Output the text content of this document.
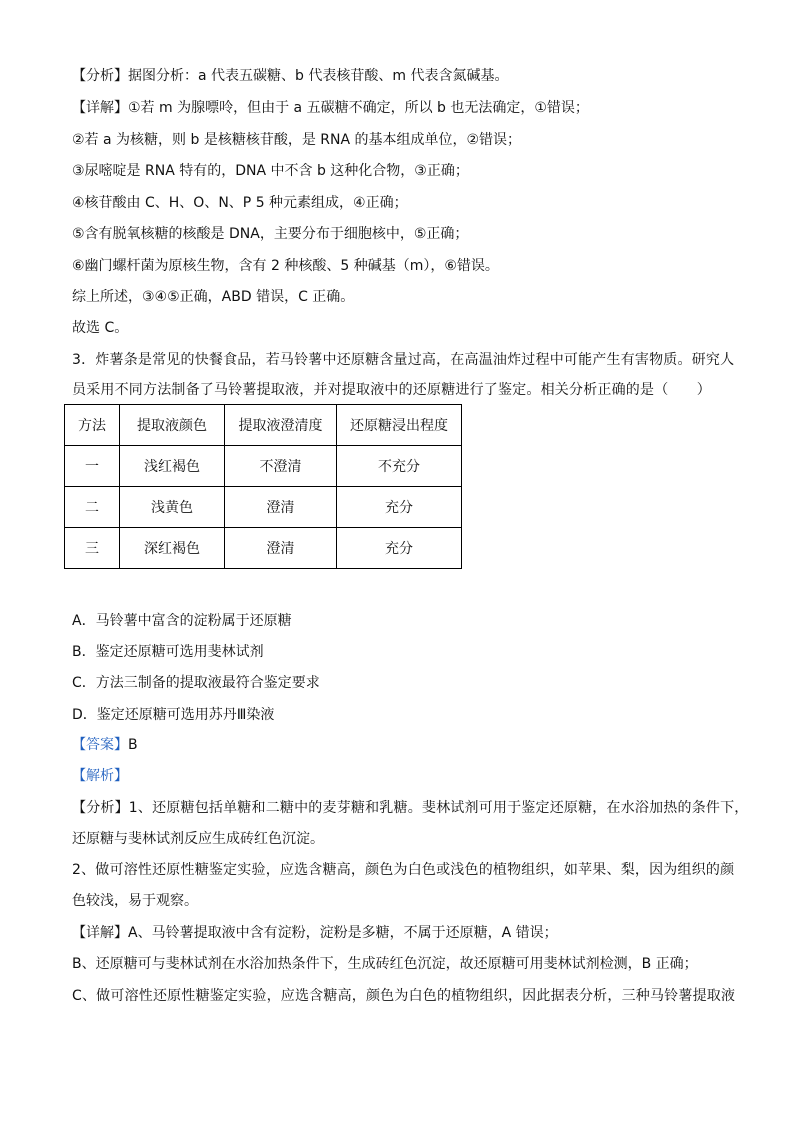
【分析】据图分析：a 代表五碳糖、b 代表核苷酸、m 代表含氮碱基。
【详解】①若 m 为腺嘌呤，但由于 a 五碳糖不确定，所以 b 也无法确定，①错误；
②若 a 为核糖，则 b 是核糖核苷酸，是 RNA 的基本组成单位，②错误；
③尿嘧啶是 RNA 特有的，DNA 中不含 b 这种化合物，③正确；
④核苷酸由 C、H、O、N、P 5 种元素组成，④正确；
⑤含有脱氧核糖的核酸是 DNA，主要分布于细胞核中，⑤正确；
⑥幽门螺杆菌为原核生物，含有 2 种核酸、5 种碱基（m），⑥错误。
综上所述，③④⑤正确，ABD 错误，C 正确。
故选 C。
3．炸薯条是常见的快餐食品，若马铃薯中还原糖含量过高，在高温油炸过程中可能产生有害物质。研究人
员采用不同方法制备了马铃薯提取液，并对提取液中的还原糖进行了鉴定。相关分析正确的是（　　）
方法	提取液颜色	提取液澄清度	还原糖浸出程度
一	浅红褐色	不澄清	不充分
二	浅黄色	澄清	充分
三	深红褐色	澄清	充分
A．马铃薯中富含的淀粉属于还原糖
B．鉴定还原糖可选用斐林试剂
C．方法三制备的提取液最符合鉴定要求
D．鉴定还原糖可选用苏丹Ⅲ染液
【答案】B
【解析】
【分析】1、还原糖包括单糖和二糖中的麦芽糖和乳糖。斐林试剂可用于鉴定还原糖，在水浴加热的条件下，
还原糖与斐林试剂反应生成砖红色沉淀。
2、做可溶性还原性糖鉴定实验，应选含糖高，颜色为白色或浅色的植物组织，如苹果、梨，因为组织的颜
色较浅，易于观察。
【详解】A、马铃薯提取液中含有淀粉，淀粉是多糖，不属于还原糖，A 错误；
B、还原糖可与斐林试剂在水浴加热条件下，生成砖红色沉淀，故还原糖可用斐林试剂检测，B 正确；
C、做可溶性还原性糖鉴定实验，应选含糖高，颜色为白色的植物组织，因此据表分析，三种马铃薯提取液
